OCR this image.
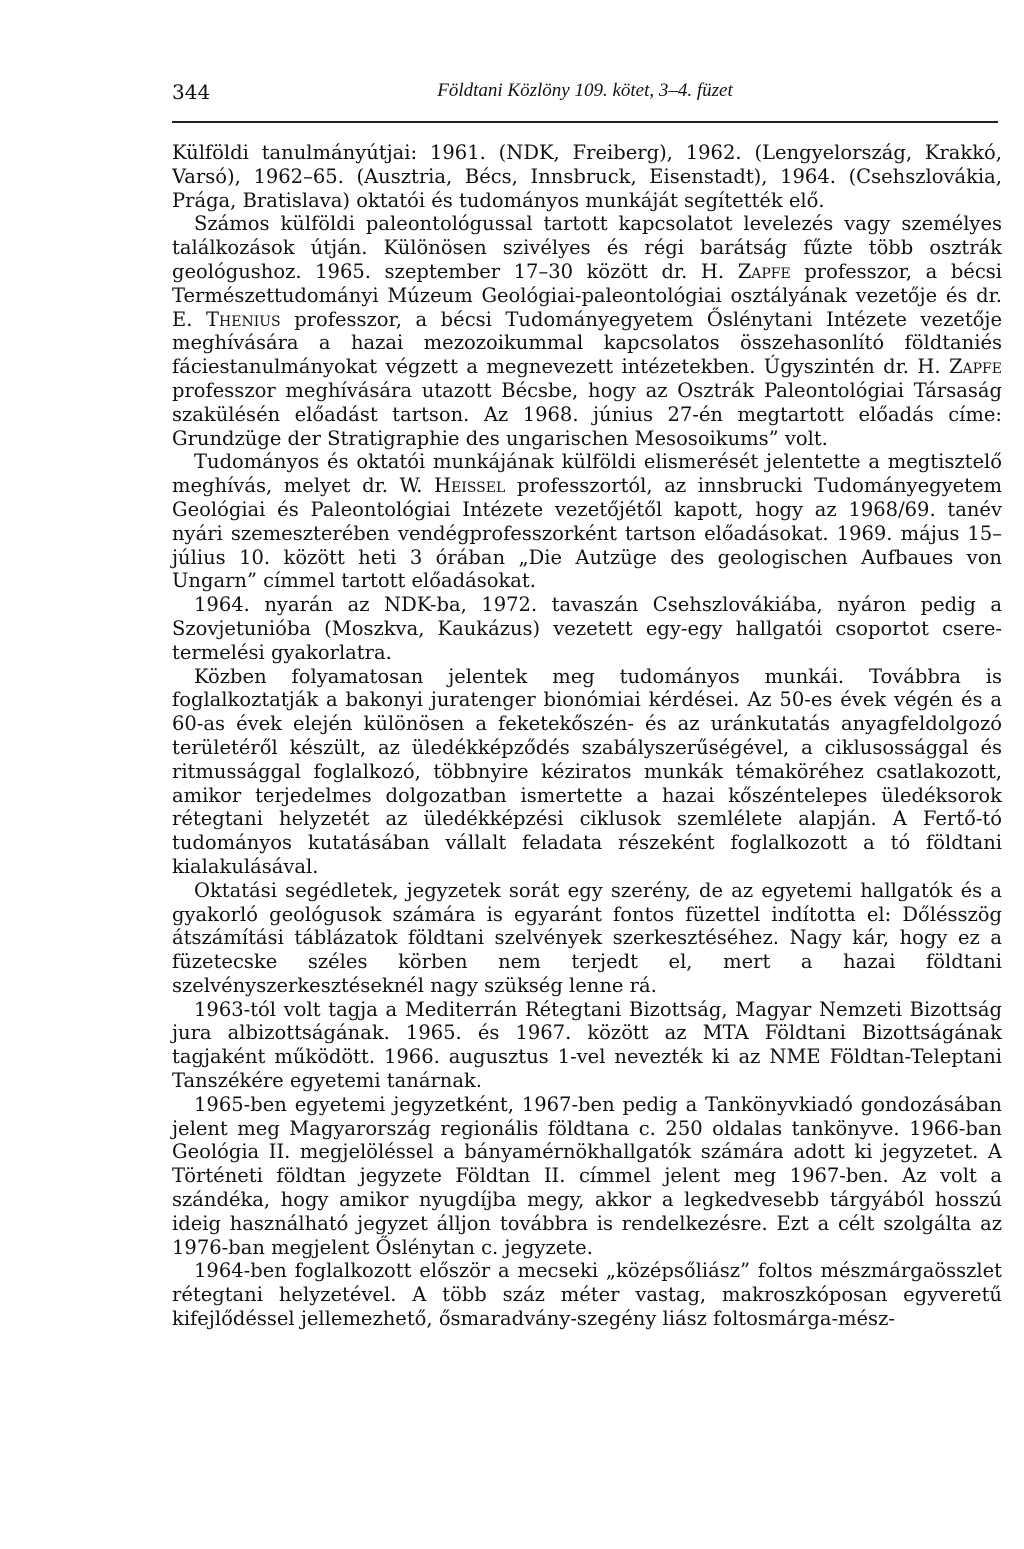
344	Földtani Közlöny 109. kötet, 3–4. füzet

Külföldi tanulmányútjai: 1961. (NDK, Freiberg), 1962. (Lengyelország, Krakkó, Varsó), 1962–65. (Ausztria, Bécs, Innsbruck, Eisenstadt), 1964. (Csehszlovákia, Prága, Bratislava) oktatói és tudományos munkáját segítették elő.

Számos külföldi paleontológussal tartott kapcsolatot levelezés vagy személyes találkozások útján. Különösen szivélyes és régi barátság fűzte több osztrák geológushoz. 1965. szeptember 17–30 között dr. H. Zapfe professzor, a bécsi Természettudományi Múzeum Geológiai-paleontológiai osztályának vezetője és dr. E. Thenius professzor, a bécsi Tudományegyetem Őslénytani Intézete vezetője meghívására a hazai mezozoikummal kapcsolatos összehasonlító földtaniés fáciestanulmányokat végzett a megnevezett intézetekben. Úgyszintén dr. H. Zapfe professzor meghívására utazott Bécsbe, hogy az Osztrák Paleontológiai Társaság szakülésén előadást tartson. Az 1968. június 27-én megtartott előadás címe: Grundzüge der Stratigraphie des ungarischen Mesosoikums” volt.

Tudományos és oktatói munkájának külföldi elismerését jelentette a megtisztelő meghívás, melyet dr. W. Heissel professzortól, az innsbrucki Tudományegyetem Geológiai és Paleontológiai Intézete vezetőjétől kapott, hogy az 1968/69. tanév nyári szemeszterében vendégprofesszorként tartson előadásokat. 1969. május 15–július 10. között heti 3 órában „Die Autzüge des geologischen Aufbaues von Ungarn” címmel tartott előadásokat.

1964. nyarán az NDK-ba, 1972. tavaszán Csehszlovákiába, nyáron pedig a Szovjetunióba (Moszkva, Kaukázus) vezetett egy-egy hallgatói csoportot csere-termelési gyakorlatra.

Közben folyamatosan jelentek meg tudományos munkái. Továbbra is foglalkoztatják a bakonyi juratenger bionómiai kérdései. Az 50-es évek végén és a 60-as évek elején különösen a feketekőszén- és az uránkutatás anyagfeldolgozó területéről készült, az üledékképződés szabályszerűségével, a ciklusossággal és ritmussággal foglalkozó, többnyire kéziratos munkák témaköréhez csatlakozott, amikor terjedelmes dolgozatban ismertette a hazai kőszéntelepes üledéksorok rétegtani helyzetét az üledékképzési ciklusok szemlélete alapján. A Fertő-tó tudományos kutatásában vállalt feladata részeként foglalkozott a tó földtani kialakulásával.

Oktatási segédletek, jegyzetek sorát egy szerény, de az egyetemi hallgatók és a gyakorló geológusok számára is egyaránt fontos füzettel indította el: Dőlésszög átszámítási táblázatok földtani szelvények szerkesztéséhez. Nagy kár, hogy ez a füzetecske széles körben nem terjedt el, mert a hazai földtani szelvényszerkesztéseknél nagy szükség lenne rá.

1963-tól volt tagja a Mediterrán Rétegtani Bizottság, Magyar Nemzeti Bizottság jura albizottságának. 1965. és 1967. között az MTA Földtani Bizottságának tagjaként működött. 1966. augusztus 1-vel nevezték ki az NME Földtan-Teleptani Tanszékére egyetemi tanárnak.

1965-ben egyetemi jegyzetként, 1967-ben pedig a Tankönyvkiadó gondozásában jelent meg Magyarország regionális földtana c. 250 oldalas tankönyve. 1966-ban Geológia II. megjelöléssel a bányamérnökhallgatók számára adott ki jegyzetet. A Történeti földtan jegyzete Földtan II. címmel jelent meg 1967-ben. Az volt a szándéka, hogy amikor nyugdíjba megy, akkor a legkedvesebb tárgyából hosszú ideig használható jegyzet álljon továbbra is rendelkezésre. Ezt a célt szolgálta az 1976-ban megjelent Őslénytan c. jegyzete.

1964-ben foglalkozott először a mecseki „középsőliász” foltos mészmárgaösszlet rétegtani helyzetével. A több száz méter vastag, makroszkóposan egyveretű kifejlődéssel jellemezhető, ősmaradvány-szegény liász foltosmárga-mész-
